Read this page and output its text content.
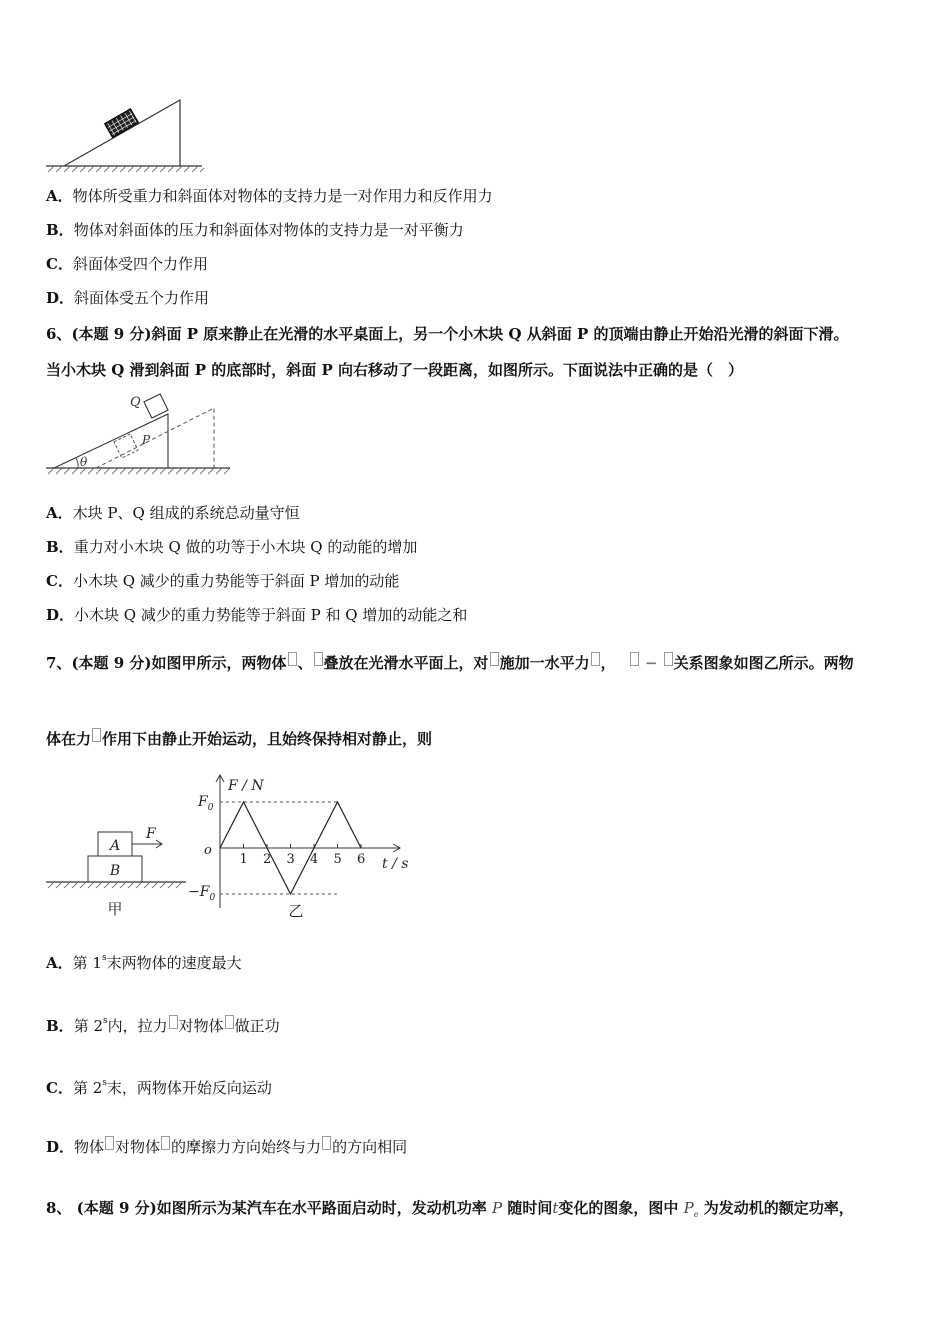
A．物体所受重力和斜面体对物体的支持力是一对作用力和反作用力
B．物体对斜面体的压力和斜面体对物体的支持力是一对平衡力
C．斜面体受四个力作用
D．斜面体受五个力作用
6、(本题 9 分)斜面 P 原来静止在光滑的水平桌面上，另一个小木块 Q 从斜面 P 的顶端由静止开始沿光滑的斜面下滑。
当小木块 Q 滑到斜面 P 的底部时，斜面 P 向右移动了一段距离，如图所示。下面说法中正确的是（　）
Q
P
θ
A．木块 P、Q 组成的系统总动量守恒
B．重力对小木块 Q 做的功等于小木块 Q 的动能的增加
C．小木块 Q 减少的重力势能等于斜面 P 增加的动能
D．小木块 Q 减少的重力势能等于斜面 P 和 Q 增加的动能之和
7、(本题 9 分)如图甲所示，两物体 、 叠放在光滑水平面上，对 施加一水平力 ， − 关系图象如图乙所示。两物
体在力 作用下由静止开始运动，且始终保持相对静止，则
A
B
F
甲
1 2 3 4 5 6
F / N
t / s
o
$F_0$
$-F_0$
乙
A．第 1$^s$末两物体的速度最大
B．第 2$^s$内，拉力 对物体 做正功
C．第 2$^s$末，两物体开始反向运动
D．物体 对物体 的摩擦力方向始终与力 的方向相同
8、 (本题 9 分)如图所示为某汽车在水平路面启动时，发动机功率 P 随时间t变化的图象，图中 $P_e$ 为发动机的额定功率，
